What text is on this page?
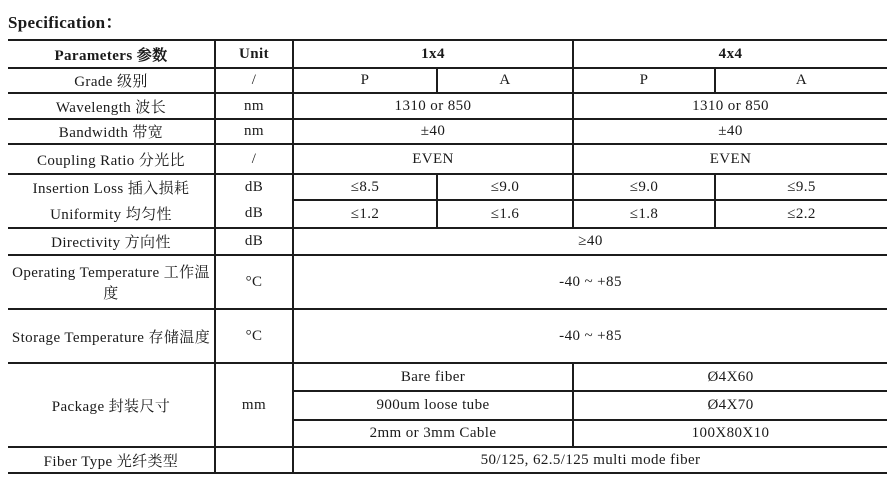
Specification：
Parameters 参数	Unit	1x4		4x4	
Grade 级别	/	P	A	P	A
Wavelength 波长	nm	1310 or 850		1310 or 850	
Bandwidth 带宽	nm	±40		±40	
Coupling Ratio 分光比	/	EVEN		EVEN	
Insertion Loss 插入损耗	dB	≤8.5	≤9.0	≤9.0	≤9.5
Uniformity 均匀性	dB	≤1.2	≤1.6	≤1.8	≤2.2
Directivity 方向性	dB	≥40			
Operating Temperature 工作温度	°C	-40 ~ +85			
Storage Temperature 存储温度	°C	-40 ~ +85			
Package 封装尺寸	mm	Bare fiber		Ø4X60	
		900um loose tube		Ø4X70	
		2mm or 3mm Cable		100X80X10	
Fiber Type 光纤类型		50/125, 62.5/125 multi mode fiber			
